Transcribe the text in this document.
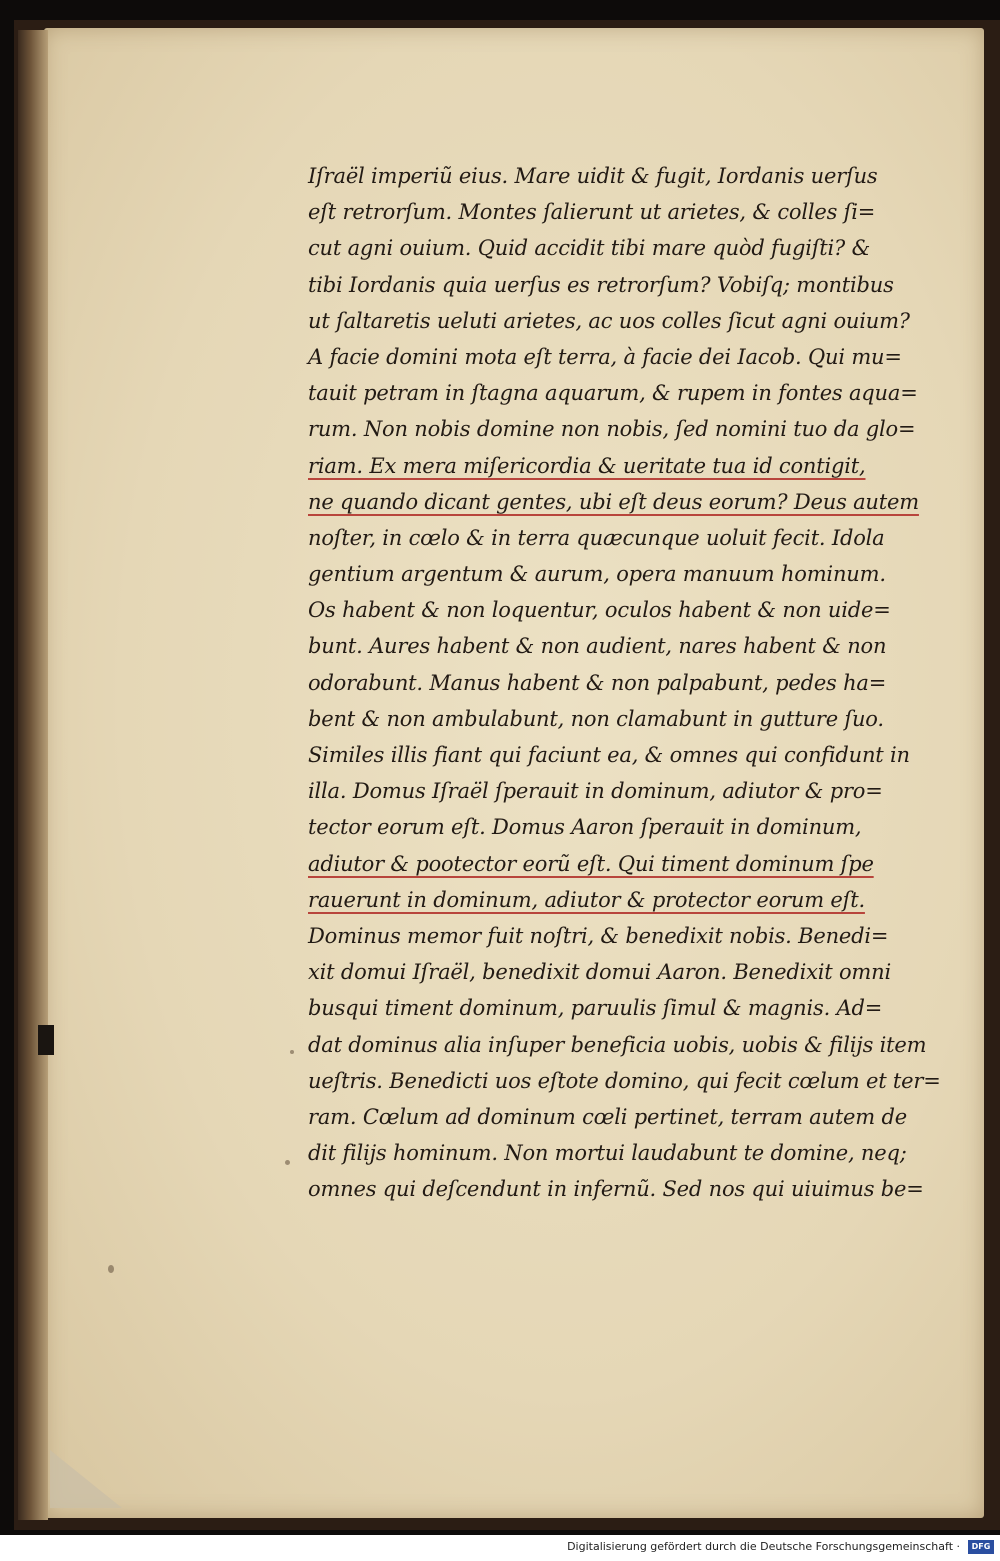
Iſraël imperiũ eius. Mare uidit & fugit, Iordanis uerſus
eſt retrorſum. Montes ſalierunt ut arietes, & colles ſi=
cut agni ouium. Quid accidit tibi mare quòd fugiſti? &
tibi Iordanis quia uerſus es retrorſum? Vobiſq; montibus
ut ſaltaretis ueluti arietes, ac uos colles ſicut agni ouium?
A facie domini mota eſt terra, à facie dei Iacob. Qui mu=
tauit petram in ſtagna aquarum, & rupem in fontes aqua=
rum. Non nobis domine non nobis, ſed nomini tuo da glo=
riam. Ex mera miſericordia & ueritate tua id contigit,
ne quando dicant gentes, ubi eſt deus eorum? Deus autem
noſter, in cœlo & in terra quæcunque uoluit fecit. Idola
gentium argentum & aurum, opera manuum hominum.
Os habent & non loquentur, oculos habent & non uide=
bunt. Aures habent & non audient, nares habent & non
odorabunt. Manus habent & non palpabunt, pedes ha=
bent & non ambulabunt, non clamabunt in gutture ſuo.
Similes illis fiant qui faciunt ea, & omnes qui confidunt in
illa. Domus Iſraël ſperauit in dominum, adiutor & pro=
tector eorum eſt. Domus Aaron ſperauit in dominum,
adiutor & pootector eorũ eſt. Qui timent dominum ſpe
rauerunt in dominum, adiutor & protector eorum eſt.
Dominus memor fuit noſtri, & benedixit nobis. Benedi=
xit domui Iſraël, benedixit domui Aaron. Benedixit omni
busqui timent dominum, paruulis ſimul & magnis. Ad=
dat dominus alia inſuper beneficia uobis, uobis & filijs item
ueſtris. Benedicti uos eſtote domino, qui fecit cœlum et ter=
ram. Cœlum ad dominum cœli pertinet, terram autem de
dit filijs hominum. Non mortui laudabunt te domine, neq;
omnes qui deſcendunt in infernũ. Sed nos qui uiuimus be=
Digitalisierung gefördert durch die Deutsche Forschungsgemeinschaft ·	DFG
